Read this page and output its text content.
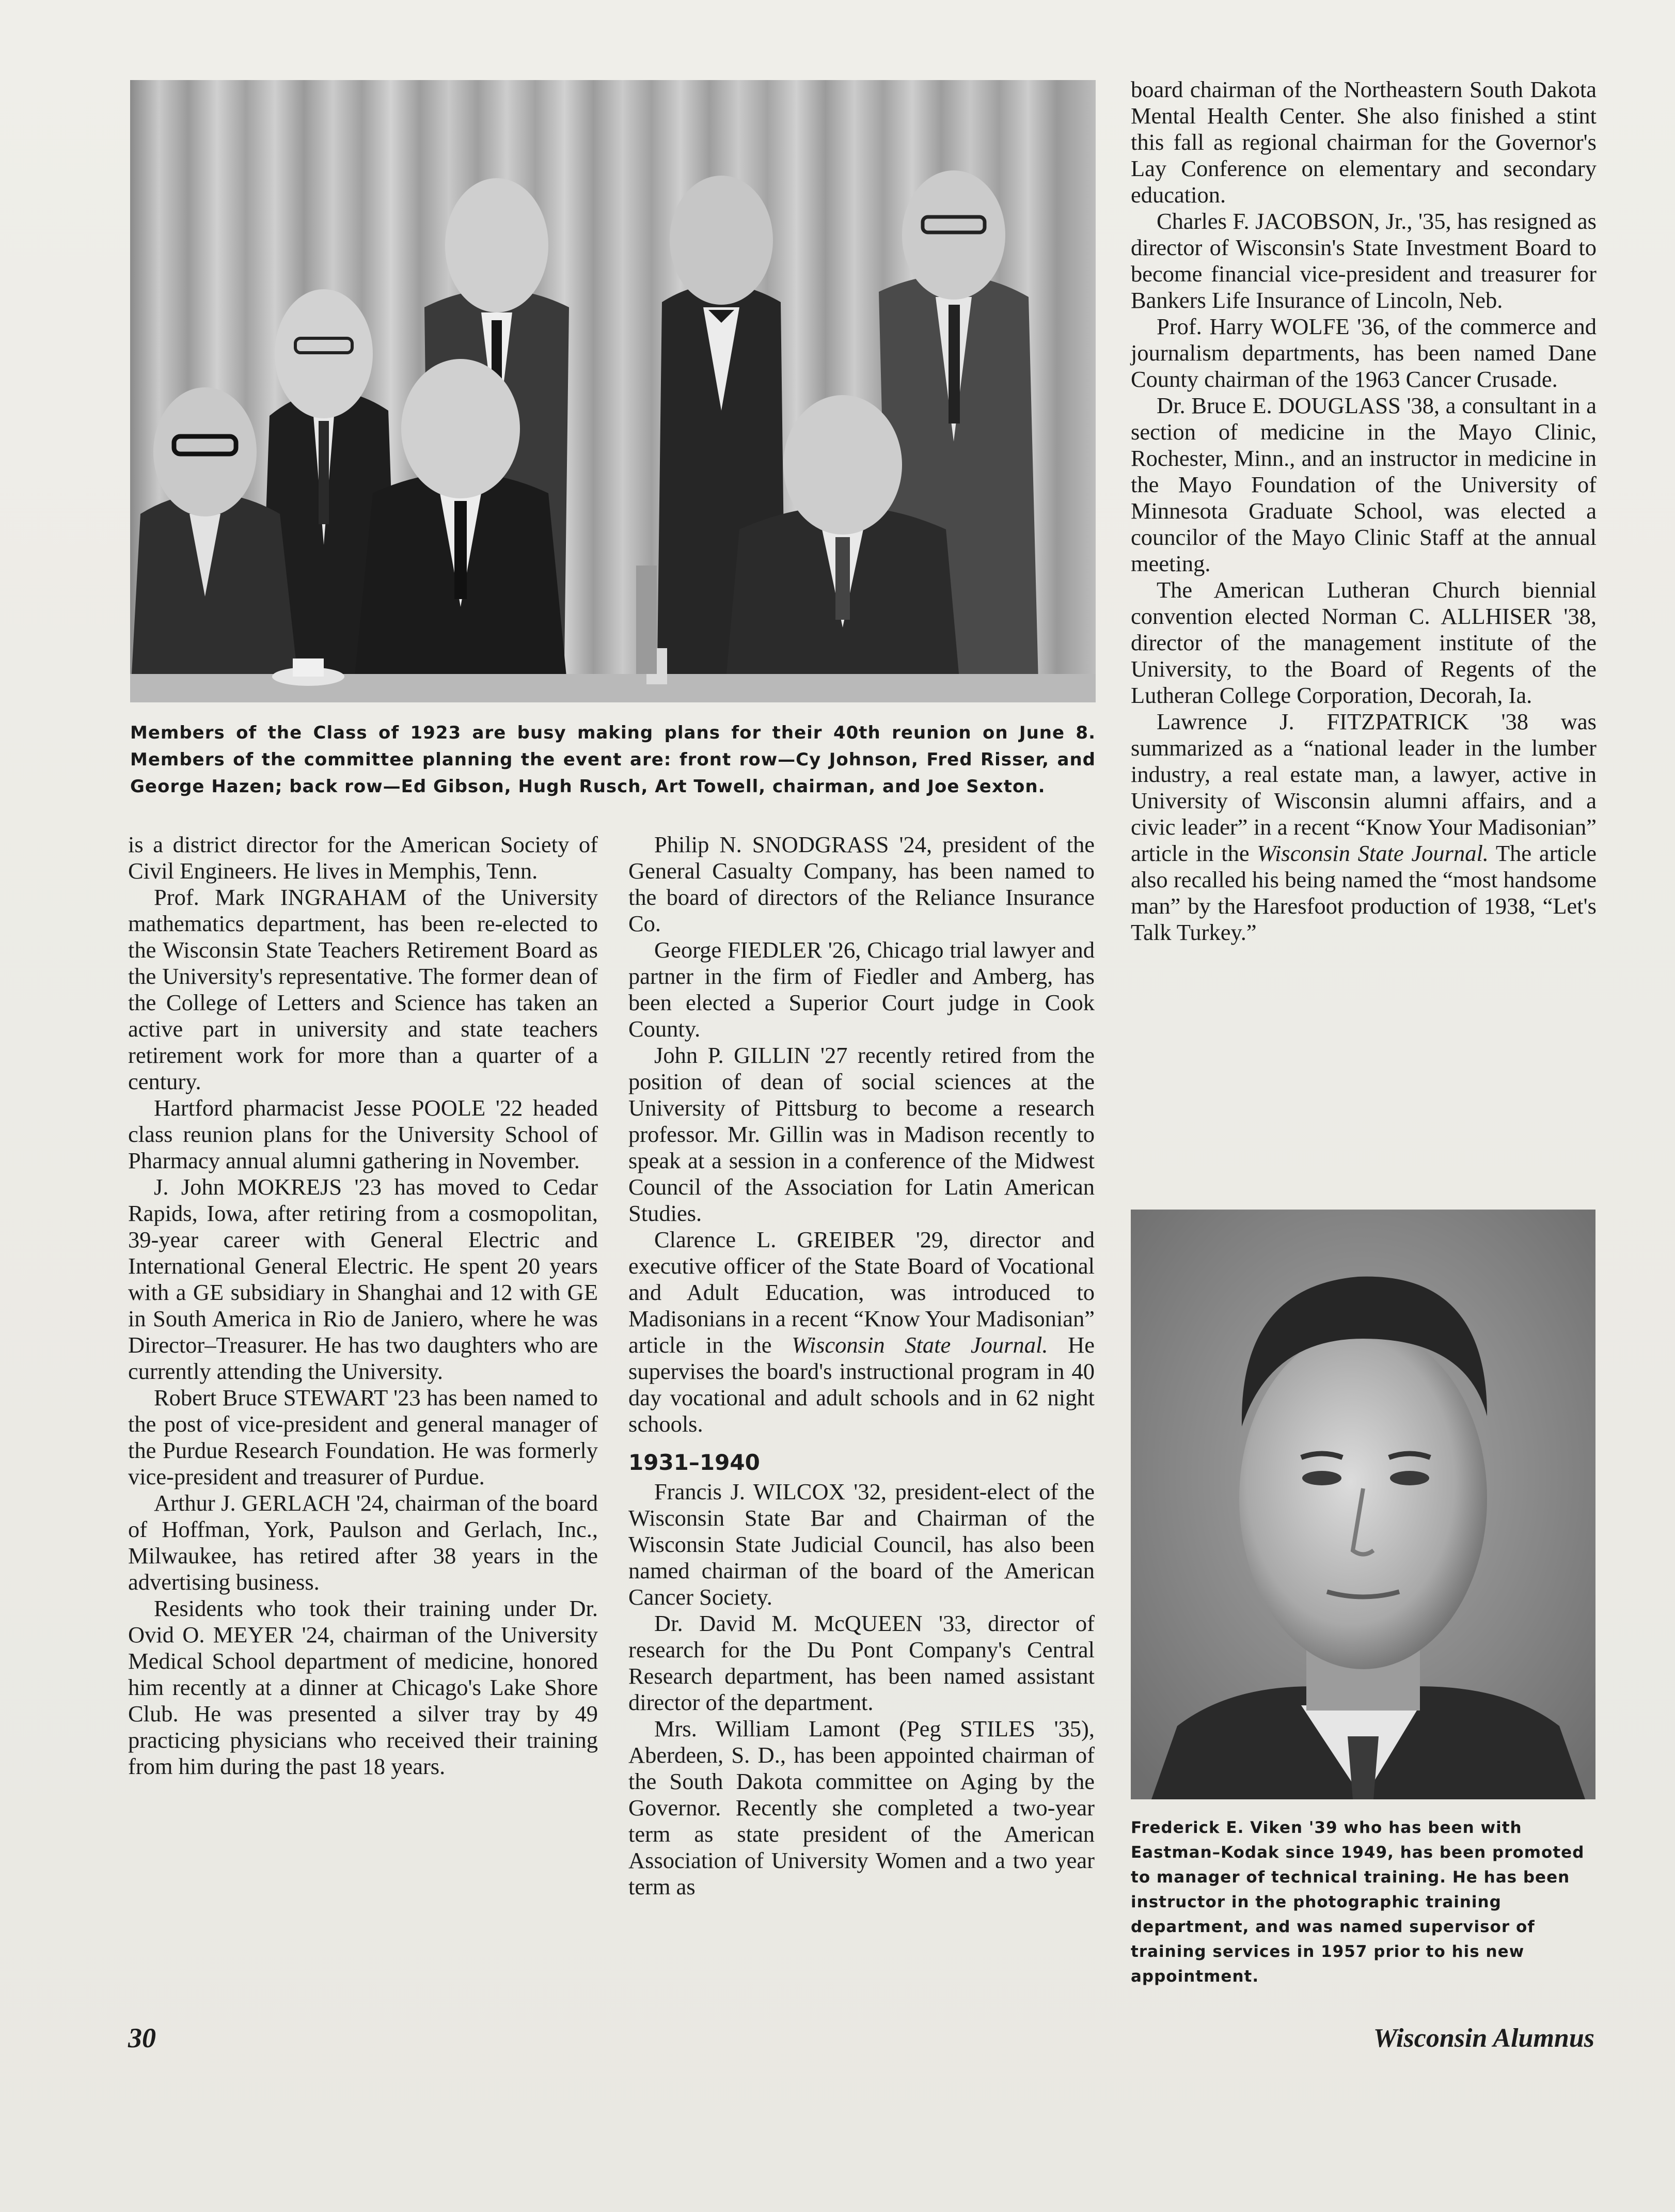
Members of the Class of 1923 are busy making plans for their 40th reunion on June 8. Members of the committee planning the event are: front row—Cy Johnson, Fred Risser, and George Hazen; back row—Ed Gibson, Hugh Rusch, Art Towell, chairman, and Joe Sexton.

is a district director for the American Society of Civil Engineers. He lives in Memphis, Tenn.

Prof. Mark INGRAHAM of the University mathematics department, has been re-elected to the Wisconsin State Teachers Retirement Board as the University's representative. The former dean of the College of Letters and Science has taken an active part in university and state teachers retirement work for more than a quarter of a century.

Hartford pharmacist Jesse POOLE '22 headed class reunion plans for the University School of Pharmacy annual alumni gathering in November.

J. John MOKREJS '23 has moved to Cedar Rapids, Iowa, after retiring from a cosmopolitan, 39-year career with General Electric and International General Electric. He spent 20 years with a GE subsidiary in Shanghai and 12 with GE in South America in Rio de Janiero, where he was Director–Treasurer. He has two daughters who are currently attending the University.

Robert Bruce STEWART '23 has been named to the post of vice-president and general manager of the Purdue Research Foundation. He was formerly vice-president and treasurer of Purdue.

Arthur J. GERLACH '24, chairman of the board of Hoffman, York, Paulson and Gerlach, Inc., Milwaukee, has retired after 38 years in the advertising business.

Residents who took their training under Dr. Ovid O. MEYER '24, chairman of the University Medical School department of medicine, honored him recently at a dinner at Chicago's Lake Shore Club. He was presented a silver tray by 49 practicing physicians who received their training from him during the past 18 years.

Philip N. SNODGRASS '24, president of the General Casualty Company, has been named to the board of directors of the Reliance Insurance Co.

George FIEDLER '26, Chicago trial lawyer and partner in the firm of Fiedler and Amberg, has been elected a Superior Court judge in Cook County.

John P. GILLIN '27 recently retired from the position of dean of social sciences at the University of Pittsburg to become a research professor. Mr. Gillin was in Madison recently to speak at a session in a conference of the Midwest Council of the Association for Latin American Studies.

Clarence L. GREIBER '29, director and executive officer of the State Board of Vocational and Adult Education, was introduced to Madisonians in a recent “Know Your Madisonian” article in the Wisconsin State Journal. He supervises the board's instructional program in 40 day vocational and adult schools and in 62 night schools.

1931–1940

Francis J. WILCOX '32, president-elect of the Wisconsin State Bar and Chairman of the Wisconsin State Judicial Council, has also been named chairman of the board of the American Cancer Society.

Dr. David M. McQUEEN '33, director of research for the Du Pont Company's Central Research department, has been named assistant director of the department.

Mrs. William Lamont (Peg STILES '35), Aberdeen, S. D., has been appointed chairman of the South Dakota committee on Aging by the Governor. Recently she completed a two-year term as state president of the American Association of University Women and a two year term as

board chairman of the Northeastern South Dakota Mental Health Center. She also finished a stint this fall as regional chairman for the Governor's Lay Conference on elementary and secondary education.

Charles F. JACOBSON, Jr., '35, has resigned as director of Wisconsin's State Investment Board to become financial vice-president and treasurer for Bankers Life Insurance of Lincoln, Neb.

Prof. Harry WOLFE '36, of the commerce and journalism departments, has been named Dane County chairman of the 1963 Cancer Crusade.

Dr. Bruce E. DOUGLASS '38, a consultant in a section of medicine in the Mayo Clinic, Rochester, Minn., and an instructor in medicine in the Mayo Foundation of the University of Minnesota Graduate School, was elected a councilor of the Mayo Clinic Staff at the annual meeting.

The American Lutheran Church biennial convention elected Norman C. ALLHISER '38, director of the management institute of the University, to the Board of Regents of the Lutheran College Corporation, Decorah, Ia.

Lawrence J. FITZPATRICK '38 was summarized as a “national leader in the lumber industry, a real estate man, a lawyer, active in University of Wisconsin alumni affairs, and a civic leader” in a recent “Know Your Madisonian” article in the Wisconsin State Journal. The article also recalled his being named the “most handsome man” by the Haresfoot production of 1938, “Let's Talk Turkey.”

Frederick E. Viken '39 who has been with Eastman–Kodak since 1949, has been promoted to manager of technical training. He has been instructor in the photographic training department, and was named supervisor of training services in 1957 prior to his new appointment.
30	Wisconsin Alumnus
